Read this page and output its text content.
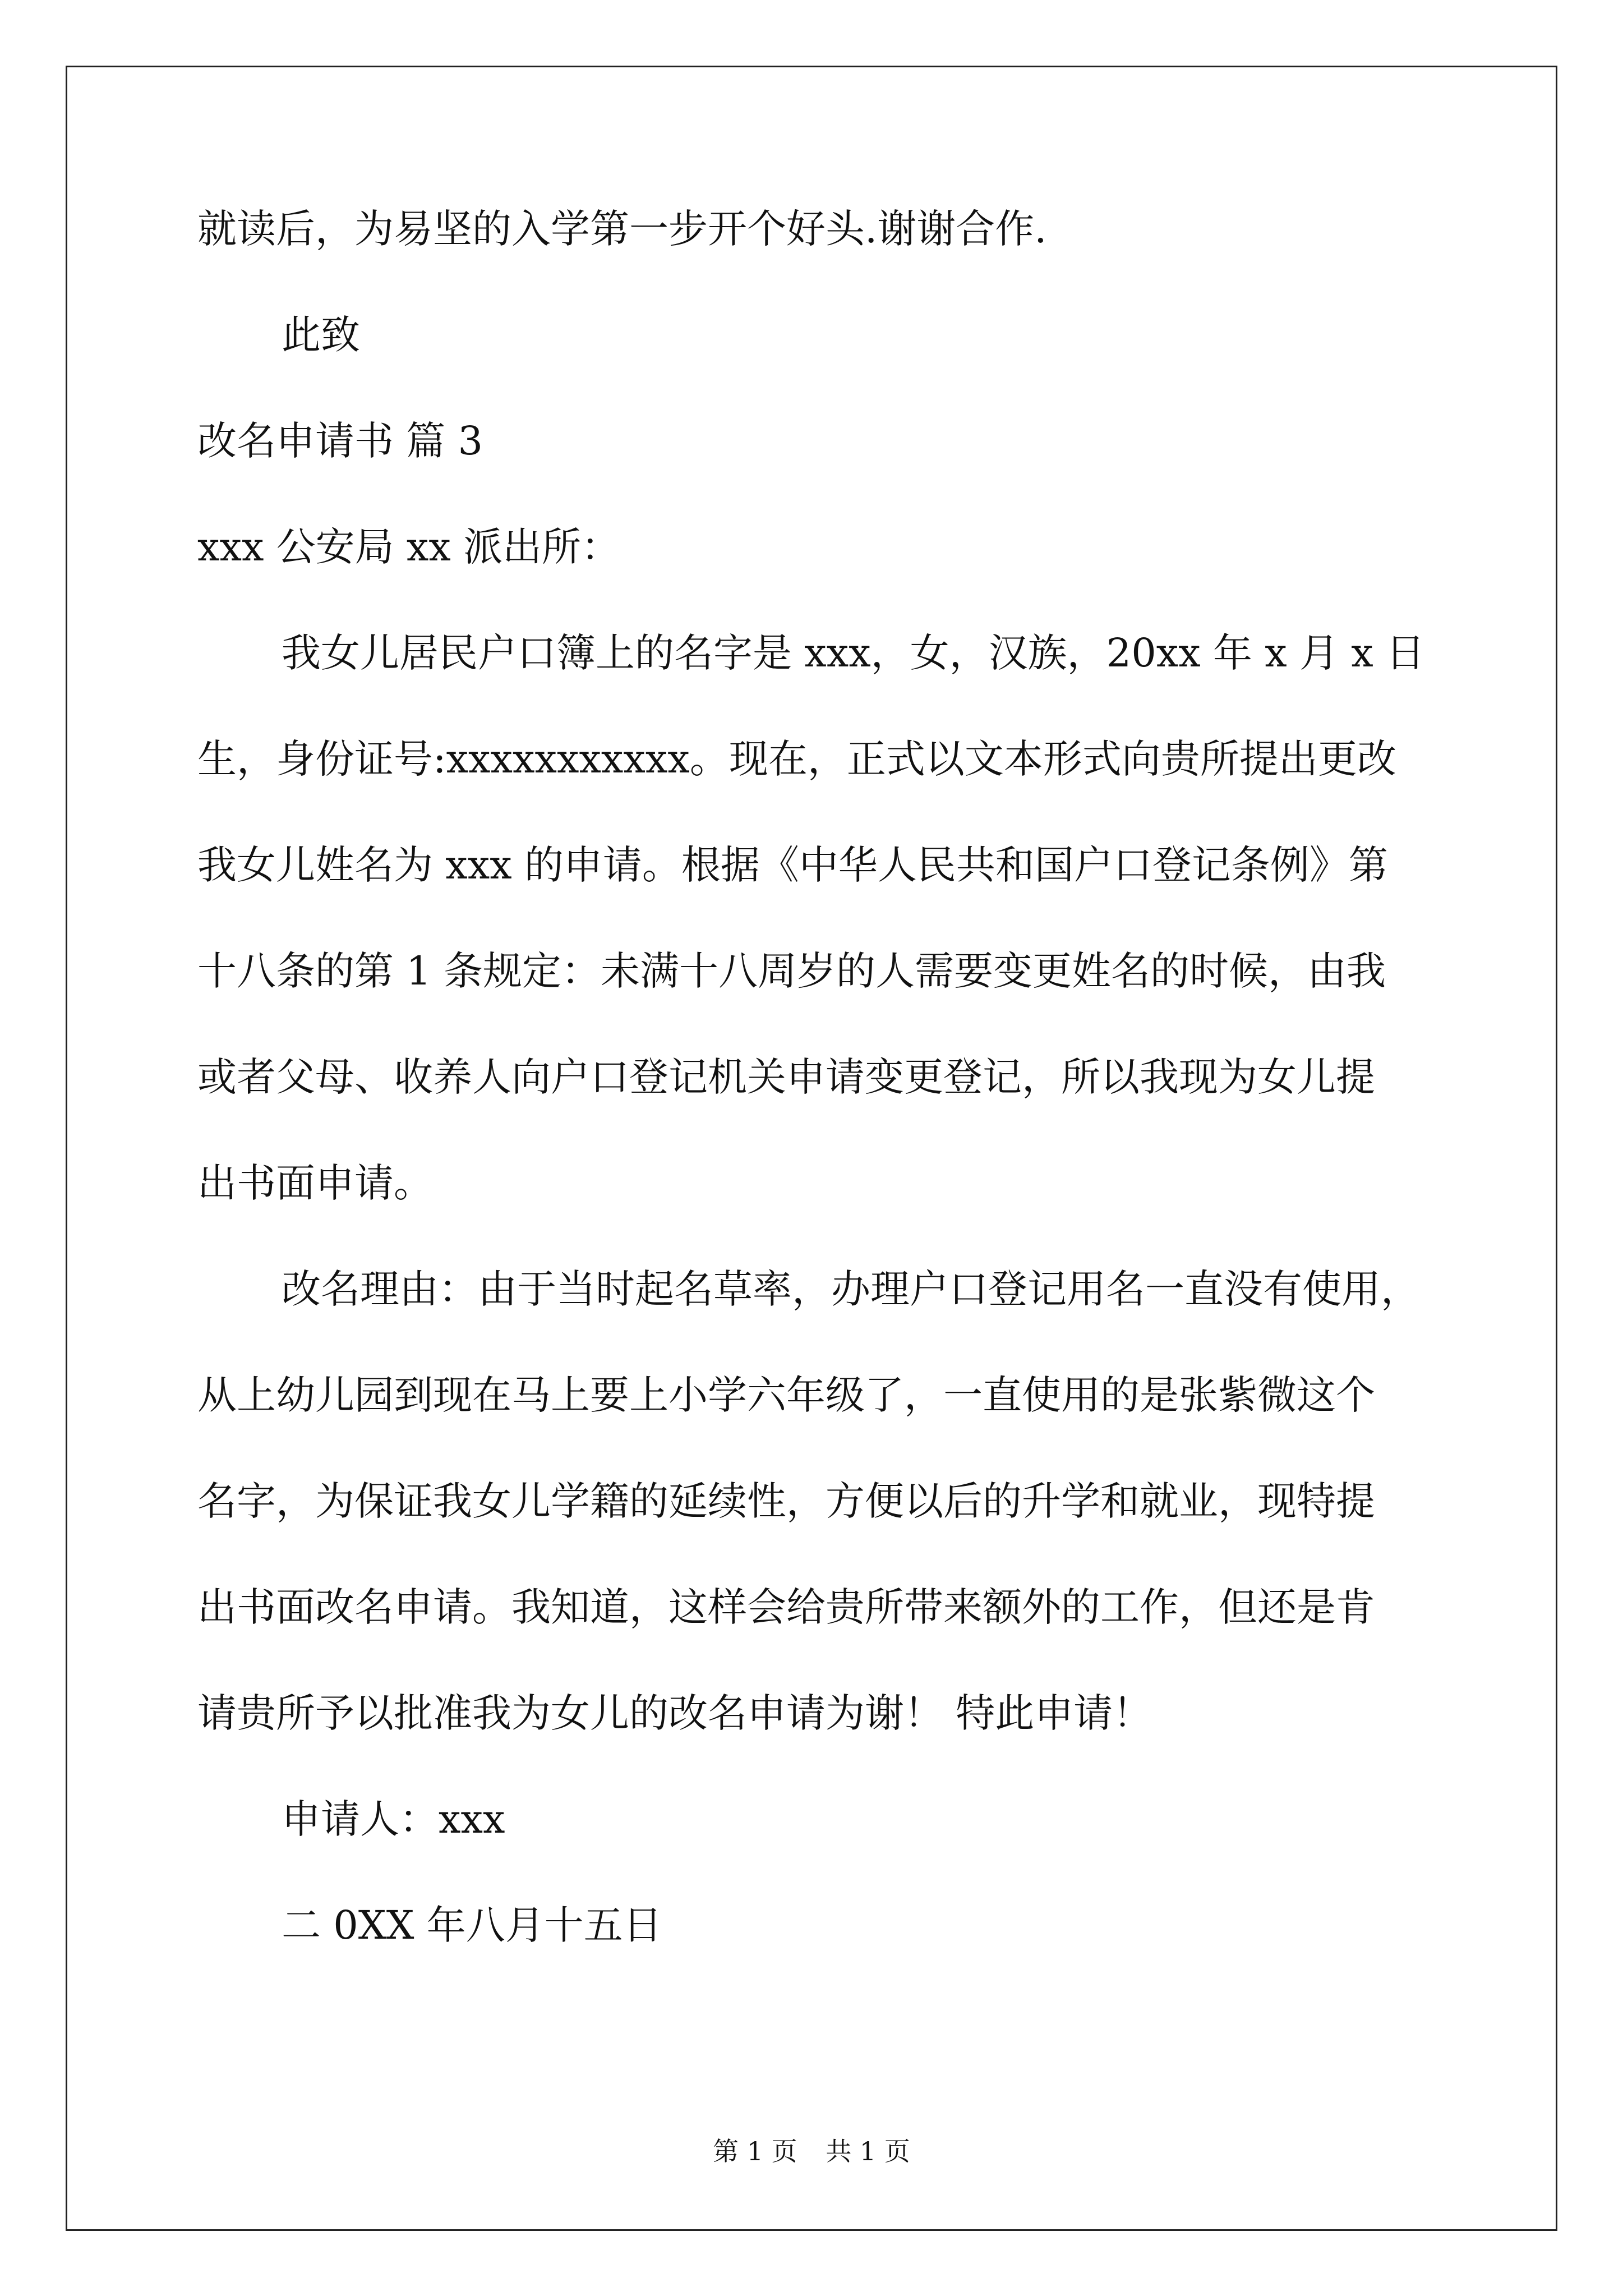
就读后，为易坚的入学第一步开个好头.谢谢合作.

此致

改名申请书 篇 3

xxx 公安局 xx 派出所：

我女儿居民户口簿上的名字是 xxx，女，汉族，20xx 年 x 月 x 日

生，身份证号:xxxxxxxxxxx。现在，正式以文本形式向贵所提出更改

我女儿姓名为 xxx 的申请。根据《中华人民共和国户口登记条例》第

十八条的第 1 条规定：未满十八周岁的人需要变更姓名的时候，由我

或者父母、收养人向户口登记机关申请变更登记，所以我现为女儿提

出书面申请。

改名理由：由于当时起名草率，办理户口登记用名一直没有使用，

从上幼儿园到现在马上要上小学六年级了，一直使用的是张紫微这个

名字，为保证我女儿学籍的延续性，方便以后的升学和就业，现特提

出书面改名申请。我知道，这样会给贵所带来额外的工作，但还是肯

请贵所予以批准我为女儿的改名申请为谢！ 特此申请！

申请人：xxx

二 0XX 年八月十五日

第 1 页 共 1 页
